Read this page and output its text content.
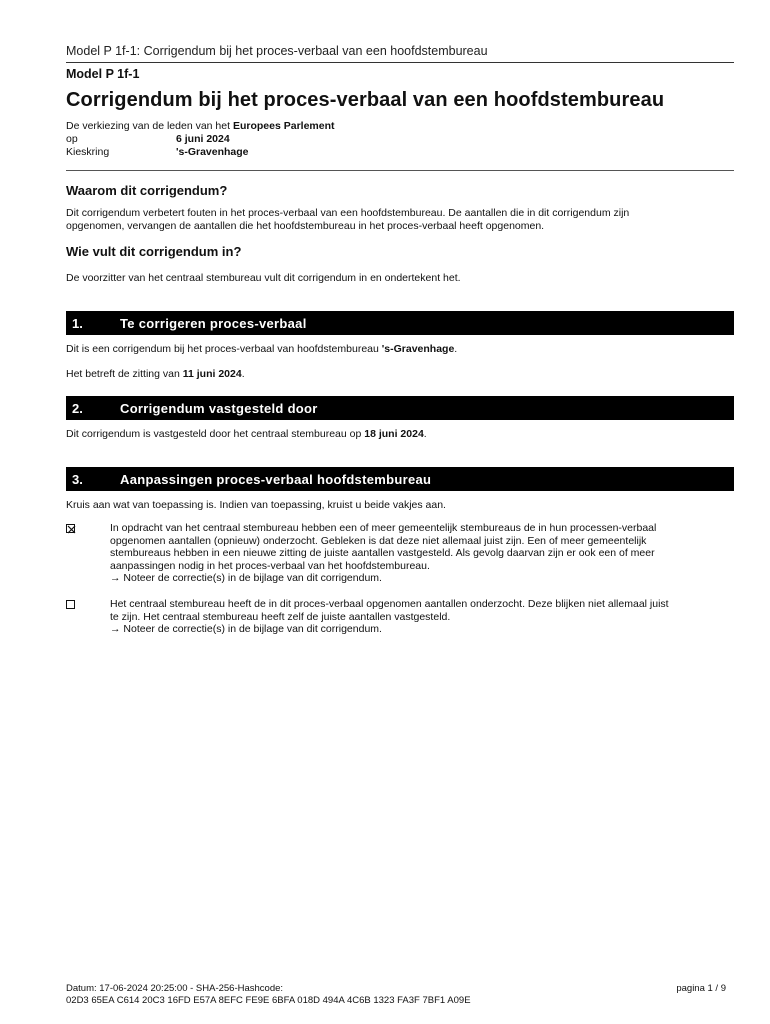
Model P 1f-1: Corrigendum bij het proces-verbaal van een hoofdstembureau
Model P 1f-1
Corrigendum bij het proces-verbaal van een hoofdstembureau
De verkiezing van de leden van het Europees Parlement
op	6 juni 2024
Kieskring	's-Gravenhage
Waarom dit corrigendum?
Dit corrigendum verbetert fouten in het proces-verbaal van een hoofdstembureau. De aantallen die in dit corrigendum zijn
opgenomen, vervangen de aantallen die het hoofdstembureau in het proces-verbaal heeft opgenomen.
Wie vult dit corrigendum in?
De voorzitter van het centraal stembureau vult dit corrigendum in en ondertekent het.
1.	Te corrigeren proces-verbaal
Dit is een corrigendum bij het proces-verbaal van hoofdstembureau 's-Gravenhage.
Het betreft de zitting van 11 juni 2024.
2.	Corrigendum vastgesteld door
Dit corrigendum is vastgesteld door het centraal stembureau op 18 juni 2024.
3.	Aanpassingen proces-verbaal hoofdstembureau
Kruis aan wat van toepassing is. Indien van toepassing, kruist u beide vakjes aan.
In opdracht van het centraal stembureau hebben een of meer gemeentelijk stembureaus de in hun processen-verbaal
opgenomen aantallen (opnieuw) onderzocht. Gebleken is dat deze niet allemaal juist zijn. Een of meer gemeentelijk
stembureaus hebben in een nieuwe zitting de juiste aantallen vastgesteld. Als gevolg daarvan zijn er ook een of meer
aanpassingen nodig in het proces-verbaal van het hoofdstembureau.
→ Noteer de correctie(s) in de bijlage van dit corrigendum.
Het centraal stembureau heeft de in dit proces-verbaal opgenomen aantallen onderzocht. Deze blijken niet allemaal juist
te zijn. Het centraal stembureau heeft zelf de juiste aantallen vastgesteld.
→ Noteer de correctie(s) in de bijlage van dit corrigendum.
Datum: 17-06-2024 20:25:00 - SHA-256-Hashcode:
02D3 65EA C614 20C3 16FD E57A 8EFC FE9E 6BFA 018D 494A 4C6B 1323 FA3F 7BF1 A09E
pagina 1 / 9
